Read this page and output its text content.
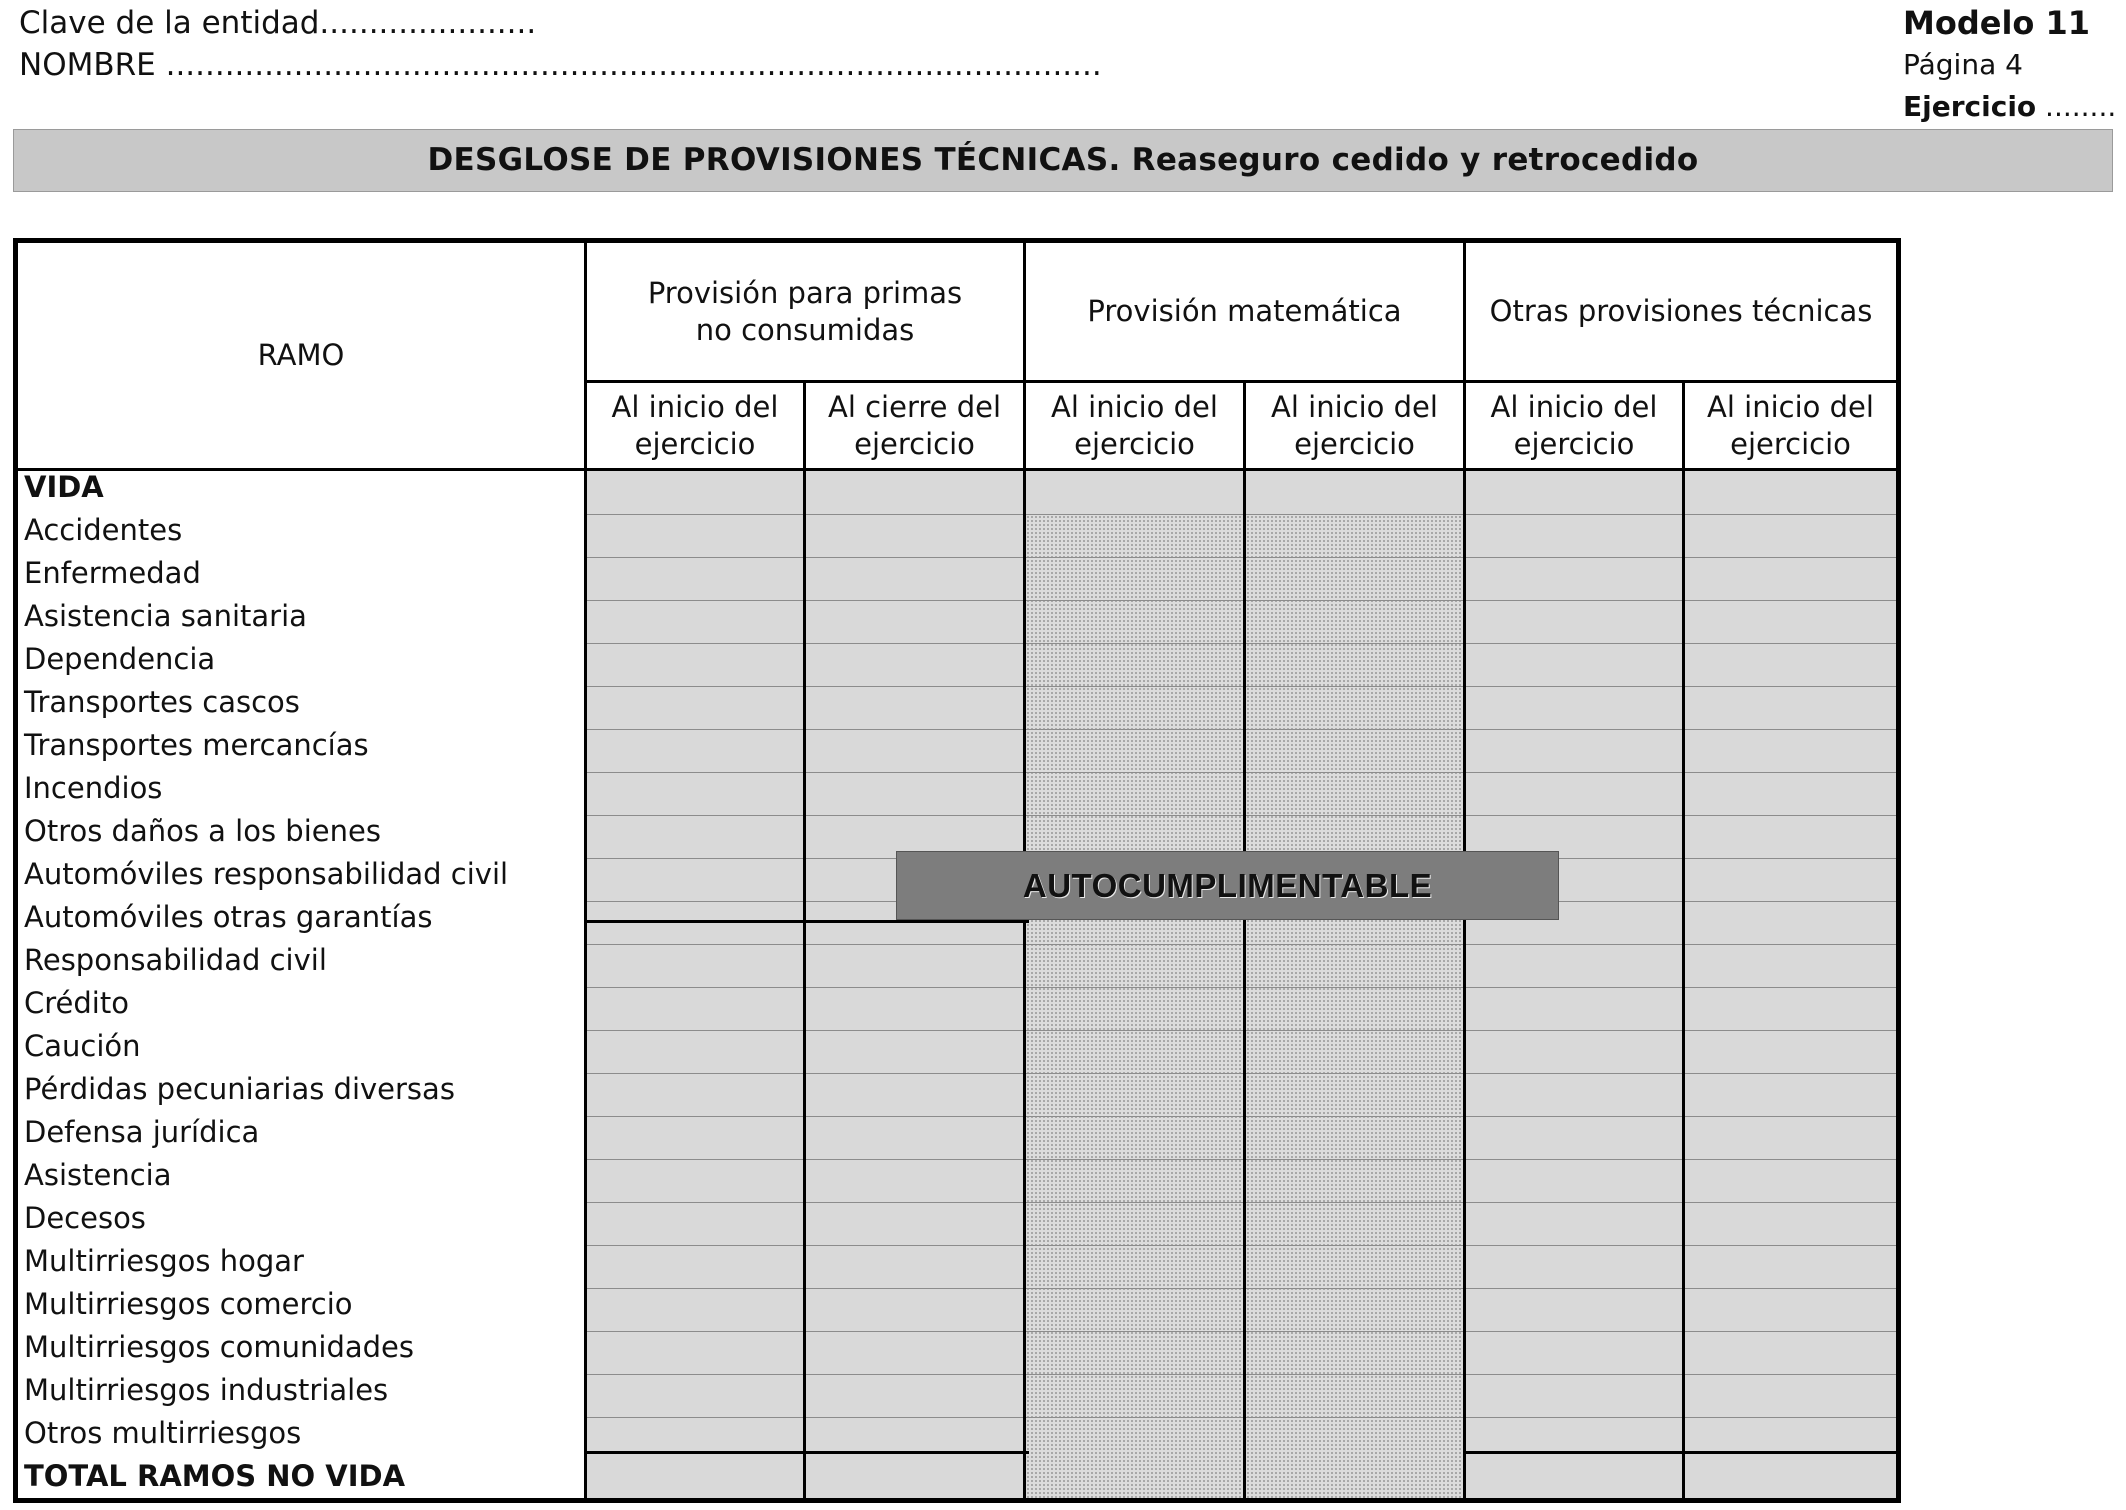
Clave de la entidad......................
NOMBRE ...............................................................................................
Modelo 11
Página 4
Ejercicio ........
DESGLOSE DE PROVISIONES TÉCNICAS. Reaseguro cedido y retrocedido
RAMO
Provisión para primas no consumidas
Provisión matemática	Otras provisiones técnicas
Al inicio del ejercicio
Al cierre del ejercicio
Al inicio del ejercicio
Al inicio del ejercicio
Al inicio del ejercicio
Al inicio del ejercicio
VIDA
Accidentes
Enfermedad
Asistencia sanitaria
Dependencia
Transportes cascos
Transportes mercancías
Incendios
Otros daños a los bienes
Automóviles responsabilidad civil
Automóviles otras garantías
Responsabilidad civil
Crédito
Caución
Pérdidas pecuniarias diversas
Defensa jurídica
Asistencia
Decesos
Multirriesgos hogar
Multirriesgos comercio
Multirriesgos comunidades
Multirriesgos industriales
Otros multirriesgos
TOTAL RAMOS NO VIDA
AUTOCUMPLIMENTABLE
